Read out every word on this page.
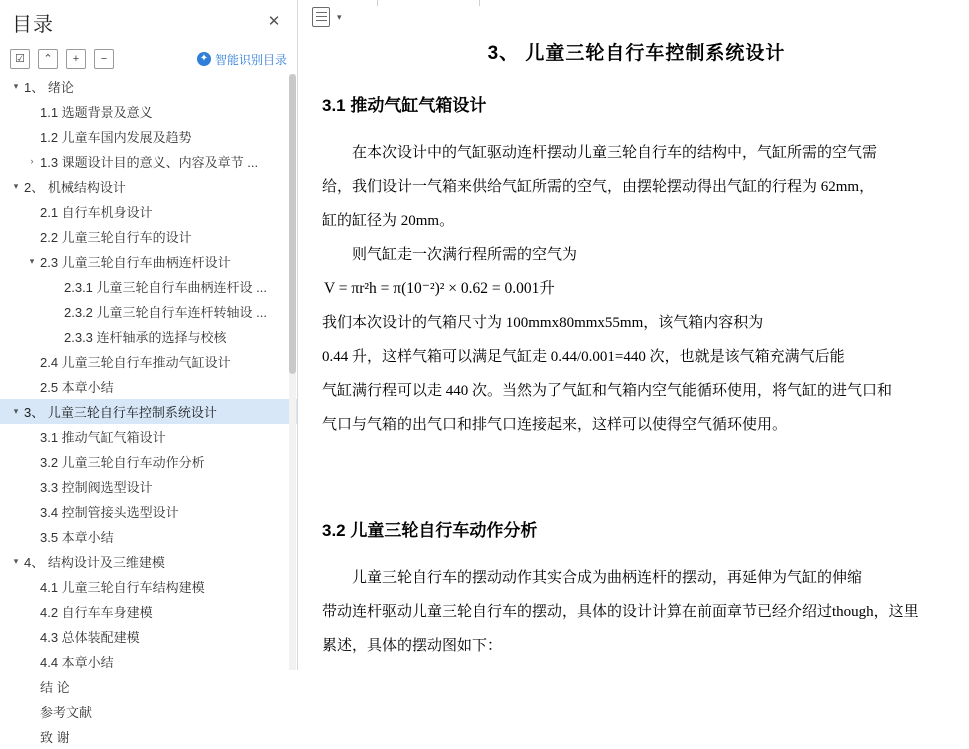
目录	✕
☑	⌃	+	−	✦ 智能识别目录
▾ 1、 绪论
1.1 选题背景及意义
1.2 儿童车国内发展及趋势
› 1.3 课题设计目的意义、内容及章节 ...
▾ 2、 机械结构设计
2.1 自行车机身设计
2.2 儿童三轮自行车的设计
▾ 2.3 儿童三轮自行车曲柄连杆设计
2.3.1 儿童三轮自行车曲柄连杆设 ...
2.3.2 儿童三轮自行车连杆转轴设 ...
2.3.3 连杆轴承的选择与校核
2.4 儿童三轮自行车推动气缸设计
2.5 本章小结
▾ 3、 儿童三轮自行车控制系统设计
3.1 推动气缸气箱设计
3.2 儿童三轮自行车动作分析
3.3 控制阀选型设计
3.4 控制管接头选型设计
3.5 本章小结
▾ 4、 结构设计及三维建模
4.1 儿童三轮自行车结构建模
4.2 自行车车身建模
4.3 总体装配建模
4.4 本章小结
结 论
参考文献
致 谢
▾
3、 儿童三轮自行车控制系统设计
3.1 推动气缸气箱设计

在本次设计中的气缸驱动连杆摆动儿童三轮自行车的结构中，气缸所需的空气需

给，我们设计一气箱来供给气缸所需的空气，由摆轮摆动得出气缸的行程为 62mm，

缸的缸径为 20mm。

则气缸走一次满行程所需的空气为

V = πr²h = π(10⁻²)² × 0.62 = 0.001升

我们本次设计的气箱尺寸为 100mmx80mmx55mm，该气箱内容积为

0.44 升，这样气箱可以满足气缸走 0.44/0.001=440 次，也就是该气箱充满气后能

气缸满行程可以走 440 次。当然为了气缸和气箱内空气能循环使用，将气缸的进气口和

气口与气箱的出气口和排气口连接起来，这样可以使得空气循环使用。

3.2 儿童三轮自行车动作分析

儿童三轮自行车的摆动动作其实合成为曲柄连杆的摆动，再延伸为气缸的伸缩

带动连杆驱动儿童三轮自行车的摆动，具体的设计计算在前面章节已经介绍过though，这里

累述，具体的摆动图如下：
